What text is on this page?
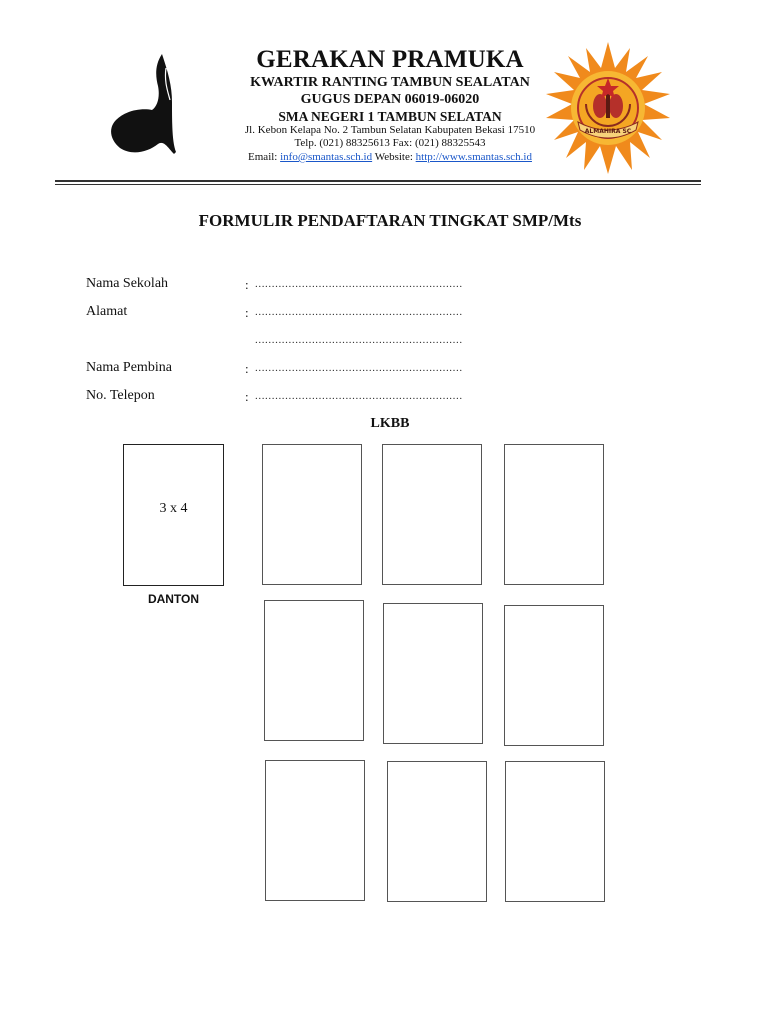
GERAKAN PRAMUKA
KWARTIR RANTING TAMBUN SEALATAN
GUGUS DEPAN 06019-06020
SMA NEGERI 1 TAMBUN SELATAN
Jl. Kebon Kelapa No. 2 Tambun Selatan Kabupaten Bekasi 17510
Telp. (021) 88325613 Fax: (021) 88325543
Email: info@smantas.sch.id Website: http://www.smantas.sch.id
ALMAHIRA SC
FORMULIR PENDAFTARAN TINGKAT SMP/Mts
Nama Sekolah	: ..............................................................
Alamat	: ..............................................................
..............................................................
Nama Pembina	: ..............................................................
No. Telepon	: ..............................................................
LKBB
3 x 4
DANTON
